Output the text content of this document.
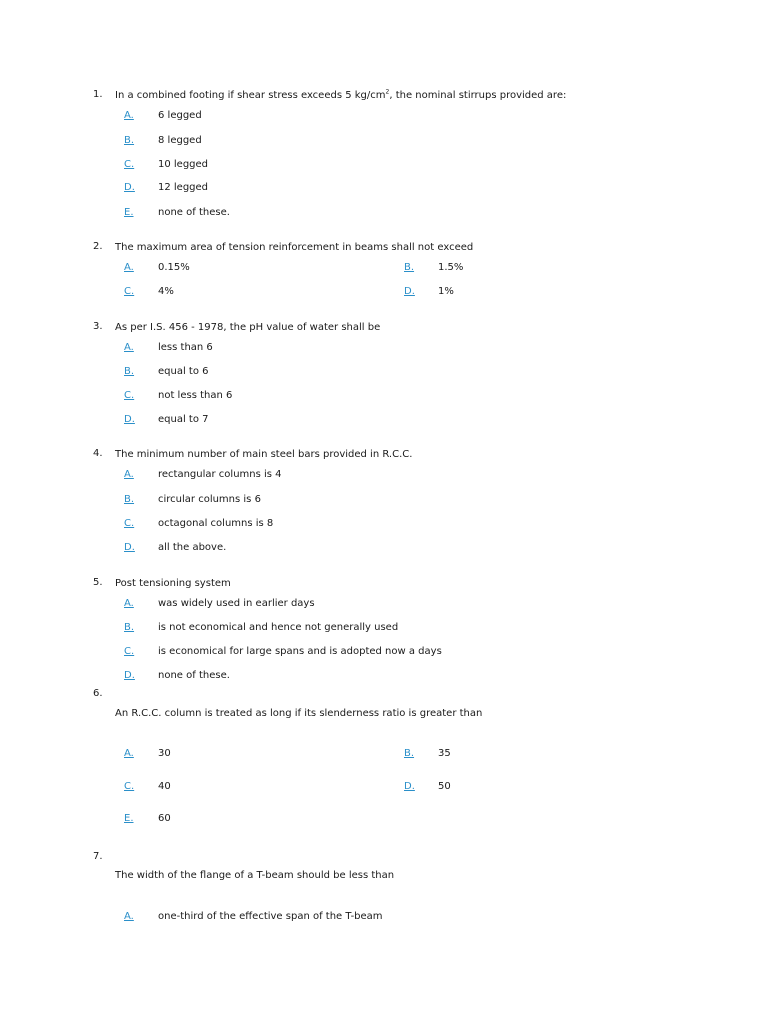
1. In a combined footing if shear stress exceeds 5 $kg/cm^2$, the nominal stirrups provided are:
A. 6 legged
B. 8 legged
C. 10 legged
D. 12 legged
E. none of these.
2. The maximum area of tension reinforcement in beams shall not exceed
A. 0.15%	B. 1.5%
C. 4%	D. 1%
3. As per I.S. 456 - 1978, the pH value of water shall be
A. less than 6
B. equal to 6
C. not less than 6
D. equal to 7
4. The minimum number of main steel bars provided in R.C.C.
A. rectangular columns is 4
B. circular columns is 6
C. octagonal columns is 8
D. all the above.
5. Post tensioning system
A. was widely used in earlier days
B. is not economical and hence not generally used
C. is economical for large spans and is adopted now a days
D. none of these.
6.
An R.C.C. column is treated as long if its slenderness ratio is greater than
A. 30	B. 35
C. 40	D. 50
E. 60
7.
The width of the flange of a T-beam should be less than
A. one-third of the effective span of the T-beam
